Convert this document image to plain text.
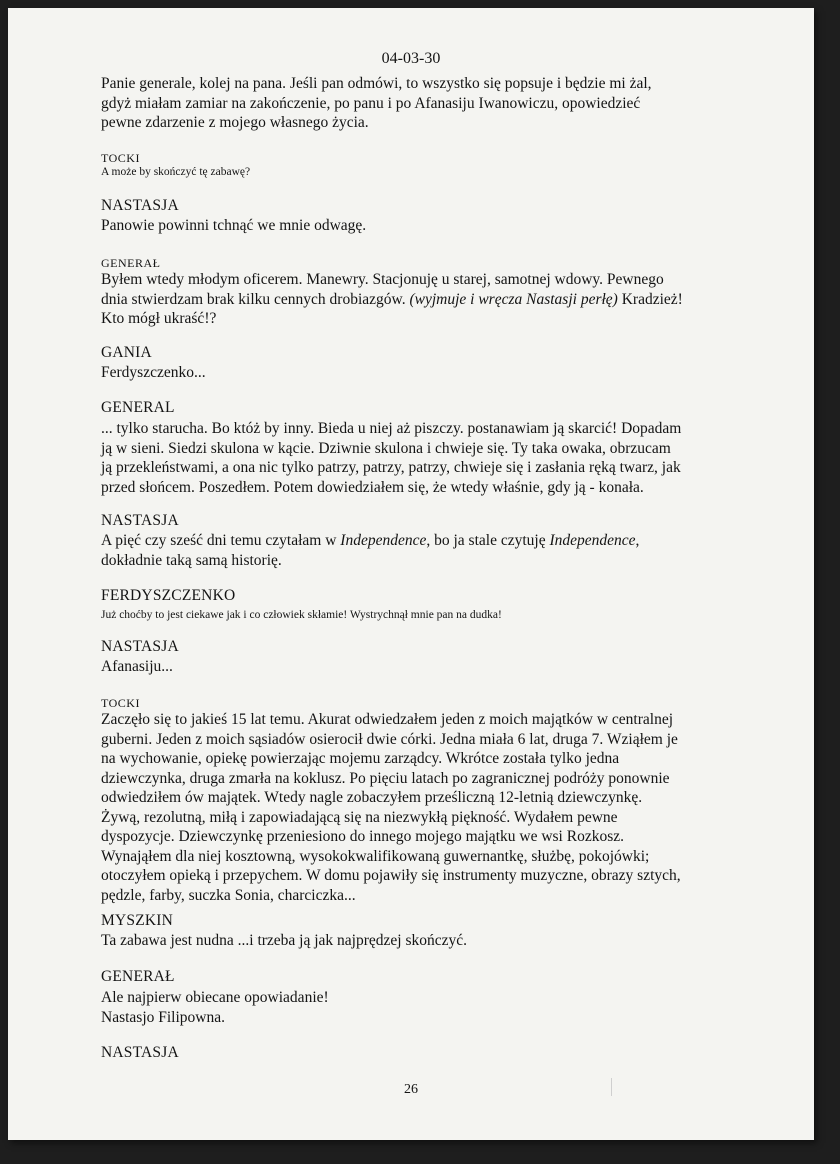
04-03-30
Panie generale, kolej na pana. Jeśli pan odmówi, to wszystko się popsuje i będzie mi żal,
gdyż miałam zamiar na zakończenie, po panu i po Afanasiju Iwanowiczu, opowiedzieć
pewne zdarzenie z mojego własnego życia.
TOCKI
A może by skończyć tę zabawę?
NASTASJA
Panowie powinni tchnąć we mnie odwagę.
GENERAŁ
Byłem wtedy młodym oficerem. Manewry. Stacjonuję u starej, samotnej wdowy. Pewnego
dnia stwierdzam brak kilku cennych drobiazgów. (wyjmuje i wręcza Nastasji perłę) Kradzież!
Kto mógł ukraść!?
GANIA
Ferdyszczenko...
GENERAL
... tylko starucha. Bo któż by inny. Bieda u niej aż piszczy. postanawiam ją skarcić! Dopadam
ją w sieni. Siedzi skulona w kącie. Dziwnie skulona i chwieje się. Ty taka owaka, obrzucam
ją przekleństwami, a ona nic tylko patrzy, patrzy, patrzy, chwieje się i zasłania ręką twarz, jak
przed słońcem. Poszedłem. Potem dowiedziałem się, że wtedy właśnie, gdy ją - konała.
NASTASJA
A pięć czy sześć dni temu czytałam w Independence, bo ja stale czytuję Independence,
dokładnie taką samą historię.
FERDYSZCZENKO
Już choćby to jest ciekawe jak i co człowiek skłamie! Wystrychnął mnie pan na dudka!
NASTASJA
Afanasiju...
TOCKI
Zaczęło się to jakieś 15 lat temu. Akurat odwiedzałem jeden z moich majątków w centralnej
guberni. Jeden z moich sąsiadów osierocił dwie córki. Jedna miała 6 lat, druga 7. Wziąłem je
na wychowanie, opiekę powierzając mojemu zarządcy. Wkrótce została tylko jedna
dziewczynka, druga zmarła na koklusz. Po pięciu latach po zagranicznej podróży ponownie
odwiedziłem ów majątek. Wtedy nagle zobaczyłem prześliczną 12-letnią dziewczynkę.
Żywą, rezolutną, miłą i zapowiadającą się na niezwykłą piękność. Wydałem pewne
dyspozycje. Dziewczynkę przeniesiono do innego mojego majątku we wsi Rozkosz.
Wynająłem dla niej kosztowną, wysokokwalifikowaną guwernantkę, służbę, pokojówki;
otoczyłem opieką i przepychem. W domu pojawiły się instrumenty muzyczne, obrazy sztych,
pędzle, farby, suczka Sonia, charciczka...
MYSZKIN
Ta zabawa jest nudna ...i trzeba ją jak najprędzej skończyć.
GENERAŁ
Ale najpierw obiecane opowiadanie!
Nastasjo Filipowna.
NASTASJA
26
